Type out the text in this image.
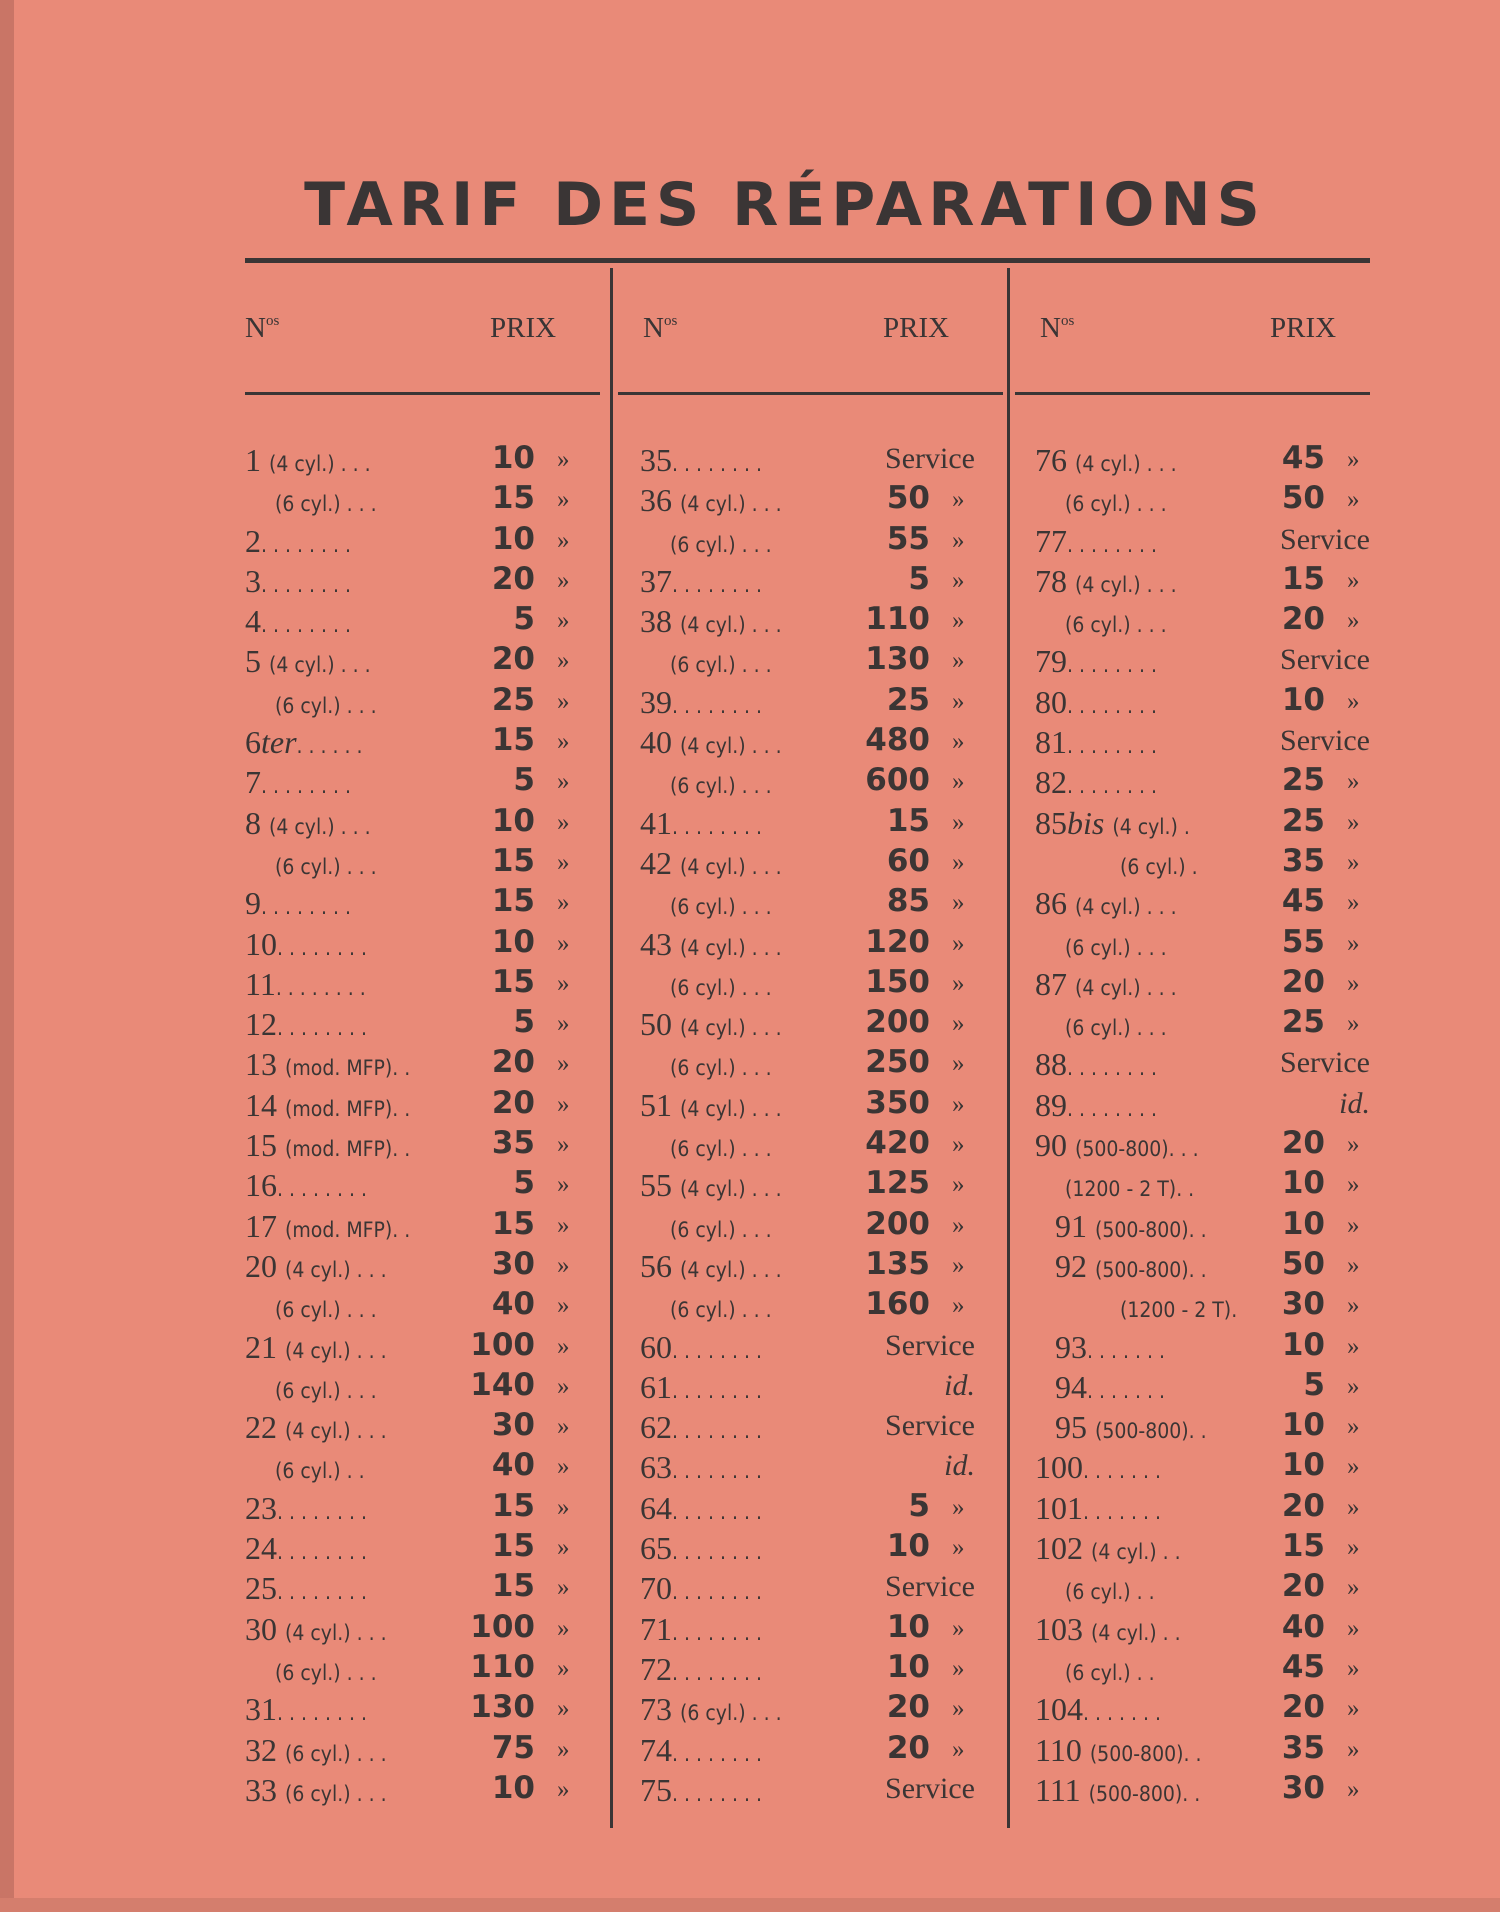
TARIF DES RÉPARATIONS
$N^{os}$	PRIX	$N^{os}$	PRIX	$N^{os}$	PRIX
1 (4 cyl.) . . .	10 »
(6 cyl.) . . .	15 »
2. . . . . . . .	10 »
3. . . . . . . .	20 »
4. . . . . . . .	5 »
5 (4 cyl.) . . .	20 »
(6 cyl.) . . .	25 »
6ter. . . . . .	15 »
7. . . . . . . .	5 »
8 (4 cyl.) . . .	10 »
(6 cyl.) . . .	15 »
9. . . . . . . .	15 »
10. . . . . . . .	10 »
11. . . . . . . .	15 »
12. . . . . . . .	5 »
13 (mod. MFP). .	20 »
14 (mod. MFP). .	20 »
15 (mod. MFP). .	35 »
16. . . . . . . .	5 »
17 (mod. MFP). .	15 »
20 (4 cyl.) . . .	30 »
(6 cyl.) . . .	40 »
21 (4 cyl.) . . .	100 »
(6 cyl.) . . .	140 »
22 (4 cyl.) . . .	30 »
(6 cyl.) . .	40 »
23. . . . . . . .	15 »
24. . . . . . . .	15 »
25. . . . . . . .	15 »
30 (4 cyl.) . . .	100 »
(6 cyl.) . . .	110 »
31. . . . . . . .	130 »
32 (6 cyl.) . . .	75 »
33 (6 cyl.) . . .	10 »
35. . . . . . . .	Service
36 (4 cyl.) . . .	50 »
(6 cyl.) . . .	55 »
37. . . . . . . .	5 »
38 (4 cyl.) . . .	110 »
(6 cyl.) . . .	130 »
39. . . . . . . .	25 »
40 (4 cyl.) . . .	480 »
(6 cyl.) . . .	600 »
41. . . . . . . .	15 »
42 (4 cyl.) . . .	60 »
(6 cyl.) . . .	85 »
43 (4 cyl.) . . .	120 »
(6 cyl.) . . .	150 »
50 (4 cyl.) . . .	200 »
(6 cyl.) . . .	250 »
51 (4 cyl.) . . .	350 »
(6 cyl.) . . .	420 »
55 (4 cyl.) . . .	125 »
(6 cyl.) . . .	200 »
56 (4 cyl.) . . .	135 »
(6 cyl.) . . .	160 »
60. . . . . . . .	Service
61. . . . . . . .	id.
62. . . . . . . .	Service
63. . . . . . . .	id.
64. . . . . . . .	5 »
65. . . . . . . .	10 »
70. . . . . . . .	Service
71. . . . . . . .	10 »
72. . . . . . . .	10 »
73 (6 cyl.) . . .	20 »
74. . . . . . . .	20 »
75. . . . . . . .	Service
76 (4 cyl.) . . .	45 »
(6 cyl.) . . .	50 »
77. . . . . . . .	Service
78 (4 cyl.) . . .	15 »
(6 cyl.) . . .	20 »
79. . . . . . . .	Service
80. . . . . . . .	10 »
81. . . . . . . .	Service
82. . . . . . . .	25 »
85bis (4 cyl.) .	25 »
(6 cyl.) .	35 »
86 (4 cyl.) . . .	45 »
(6 cyl.) . . .	55 »
87 (4 cyl.) . . .	20 »
(6 cyl.) . . .	25 »
88. . . . . . . .	Service
89. . . . . . . .	id.
90 (500-800). . .	20 »
(1200 - 2 T). .	10 »
91 (500-800). . 10 »
92 (500-800). . 50 »
(1200 - 2 T). 30 »
93. . . . . . .	10 »
94. . . . . . .	5 »
95 (500-800). . 10 »
100. . . . . . .	10 »
101. . . . . . .	20 »
102 (4 cyl.) . .	15 »
(6 cyl.) . .	20 »
103 (4 cyl.) . .	40 »
(6 cyl.) . .	45 »
104. . . . . . .	20 »
110 (500-800). .	35 »
111 (500-800). .	30 »
